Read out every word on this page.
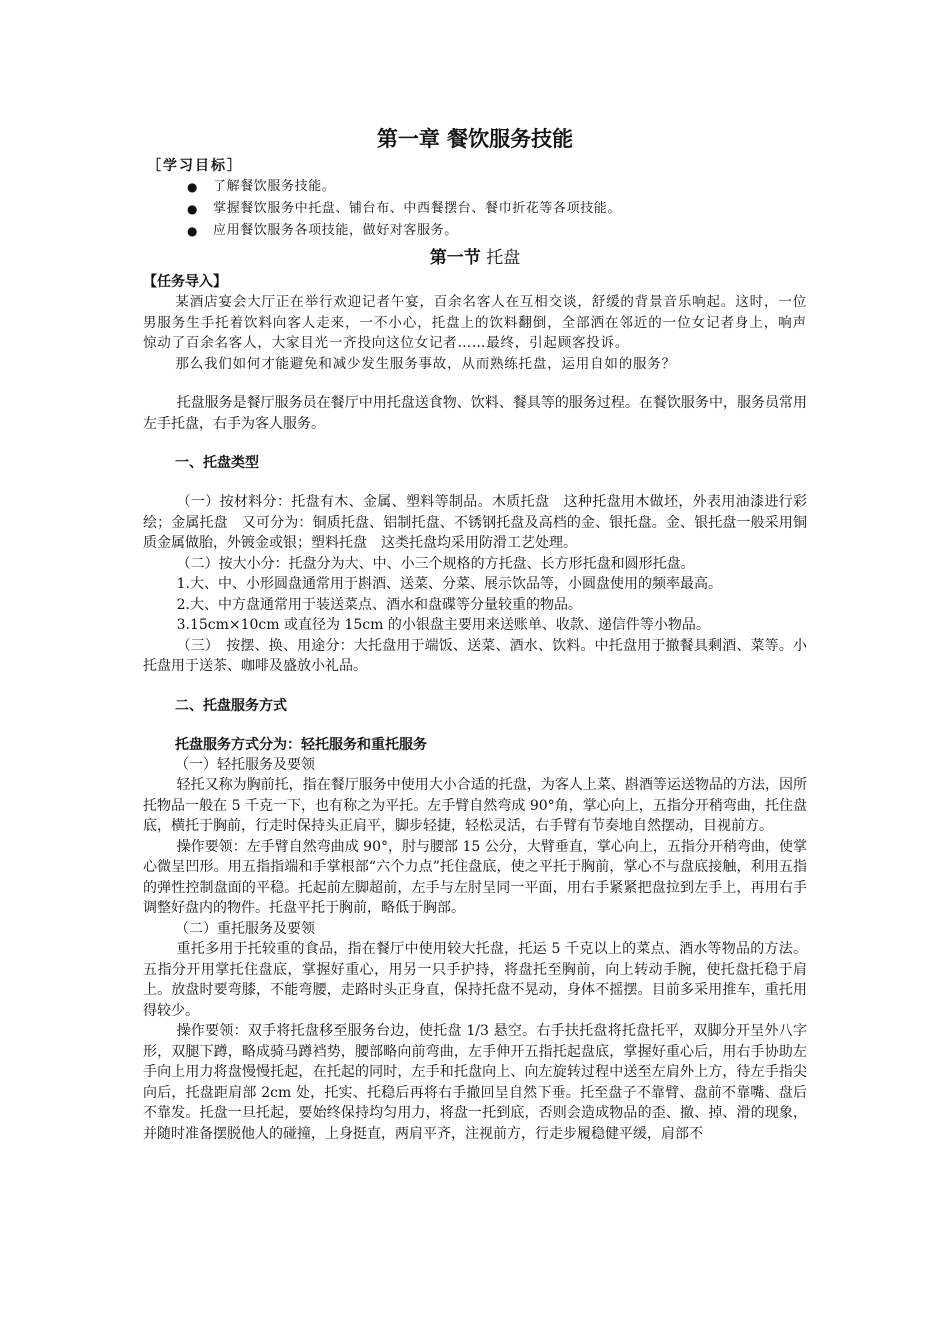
第一章 餐饮服务技能
［学习目标］
● 了解餐饮服务技能。
● 掌握餐饮服务中托盘、铺台布、中西餐摆台、餐巾折花等各项技能。
● 应用餐饮服务各项技能，做好对客服务。
第一节 托盘
【任务导入】

某酒店宴会大厅正在举行欢迎记者午宴，百余名客人在互相交谈，舒缓的背景音乐响起。这时，一位男服务生手托着饮料向客人走来，一不小心，托盘上的饮料翻倒，全部洒在邻近的一位女记者身上，响声惊动了百余名客人，大家目光一齐投向这位女记者……最终，引起顾客投诉。

那么我们如何才能避免和减少发生服务事故，从而熟练托盘，运用自如的服务？

托盘服务是餐厅服务员在餐厅中用托盘送食物、饮料、餐具等的服务过程。在餐饮服务中，服务员常用左手托盘，右手为客人服务。

一、托盘类型

（一）按材料分：托盘有木、金属、塑料等制品。木质托盘　这种托盘用木做坯，外表用油漆进行彩绘；金属托盘　又可分为：铜质托盘、铝制托盘、不锈钢托盘及高档的金、银托盘。金、银托盘一般采用铜质金属做胎，外镀金或银；塑料托盘　这类托盘均采用防滑工艺处理。

（二）按大小分：托盘分为大、中、小三个规格的方托盘、长方形托盘和圆形托盘。

1.大、中、小形圆盘通常用于斟酒、送菜、分菜、展示饮品等，小圆盘使用的频率最高。

2.大、中方盘通常用于装送菜点、酒水和盘碟等分量较重的物品。

3.15cm×10cm 或直径为 15cm 的小银盘主要用来送账单、收款、递信件等小物品。

（三）　按摆、换、用途分：大托盘用于端饭、送菜、酒水、饮料。中托盘用于撤餐具剩酒、菜等。小托盘用于送茶、咖啡及盛放小礼品。

二、托盘服务方式
托盘服务方式分为：轻托服务和重托服务
（一）轻托服务及要领

轻托又称为胸前托，指在餐厅服务中使用大小合适的托盘，为客人上菜、斟酒等运送物品的方法，因所托物品一般在 5 千克一下，也有称之为平托。左手臂自然弯成 90°角，掌心向上，五指分开稍弯曲，托住盘底，横托于胸前，行走时保持头正肩平，脚步轻捷，轻松灵活，右手臂有节奏地自然摆动，目视前方。

操作要领：左手臂自然弯曲成 90°，肘与腰部 15 公分，大臂垂直，掌心向上，五指分开稍弯曲，使掌心微呈凹形。用五指指端和手掌根部“六个力点”托住盘底，使之平托于胸前，掌心不与盘底接触，利用五指的弹性控制盘面的平稳。托起前左脚超前，左手与左肘呈同一平面，用右手紧紧把盘拉到左手上，再用右手调整好盘内的物件。托盘平托于胸前，略低于胸部。

（二）重托服务及要领

重托多用于托较重的食品，指在餐厅中使用较大托盘，托运 5 千克以上的菜点、酒水等物品的方法。五指分开用掌托住盘底，掌握好重心，用另一只手护持，将盘托至胸前，向上转动手腕，使托盘托稳于肩上。放盘时要弯膝，不能弯腰，走路时头正身直，保持托盘不晃动，身体不摇摆。目前多采用推车，重托用得较少。

操作要领：双手将托盘移至服务台边，使托盘 1/3 悬空。右手扶托盘将托盘托平，双脚分开呈外八字形，双腿下蹲，略成骑马蹲裆势，腰部略向前弯曲，左手伸开五指托起盘底，掌握好重心后，用右手协助左手向上用力将盘慢慢托起，在托起的同时，左手和托盘向上、向左旋转过程中送至左肩外上方，待左手指尖向后，托盘距肩部 2cm 处，托实、托稳后再将右手撤回呈自然下垂。托至盘子不靠臂、盘前不靠嘴、盘后不靠发。托盘一旦托起，要始终保持均匀用力，将盘一托到底，否则会造成物品的歪、撤、掉、滑的现象，并随时准备摆脱他人的碰撞，上身挺直，两肩平齐，注视前方，行走步履稳健平缓，肩部不
